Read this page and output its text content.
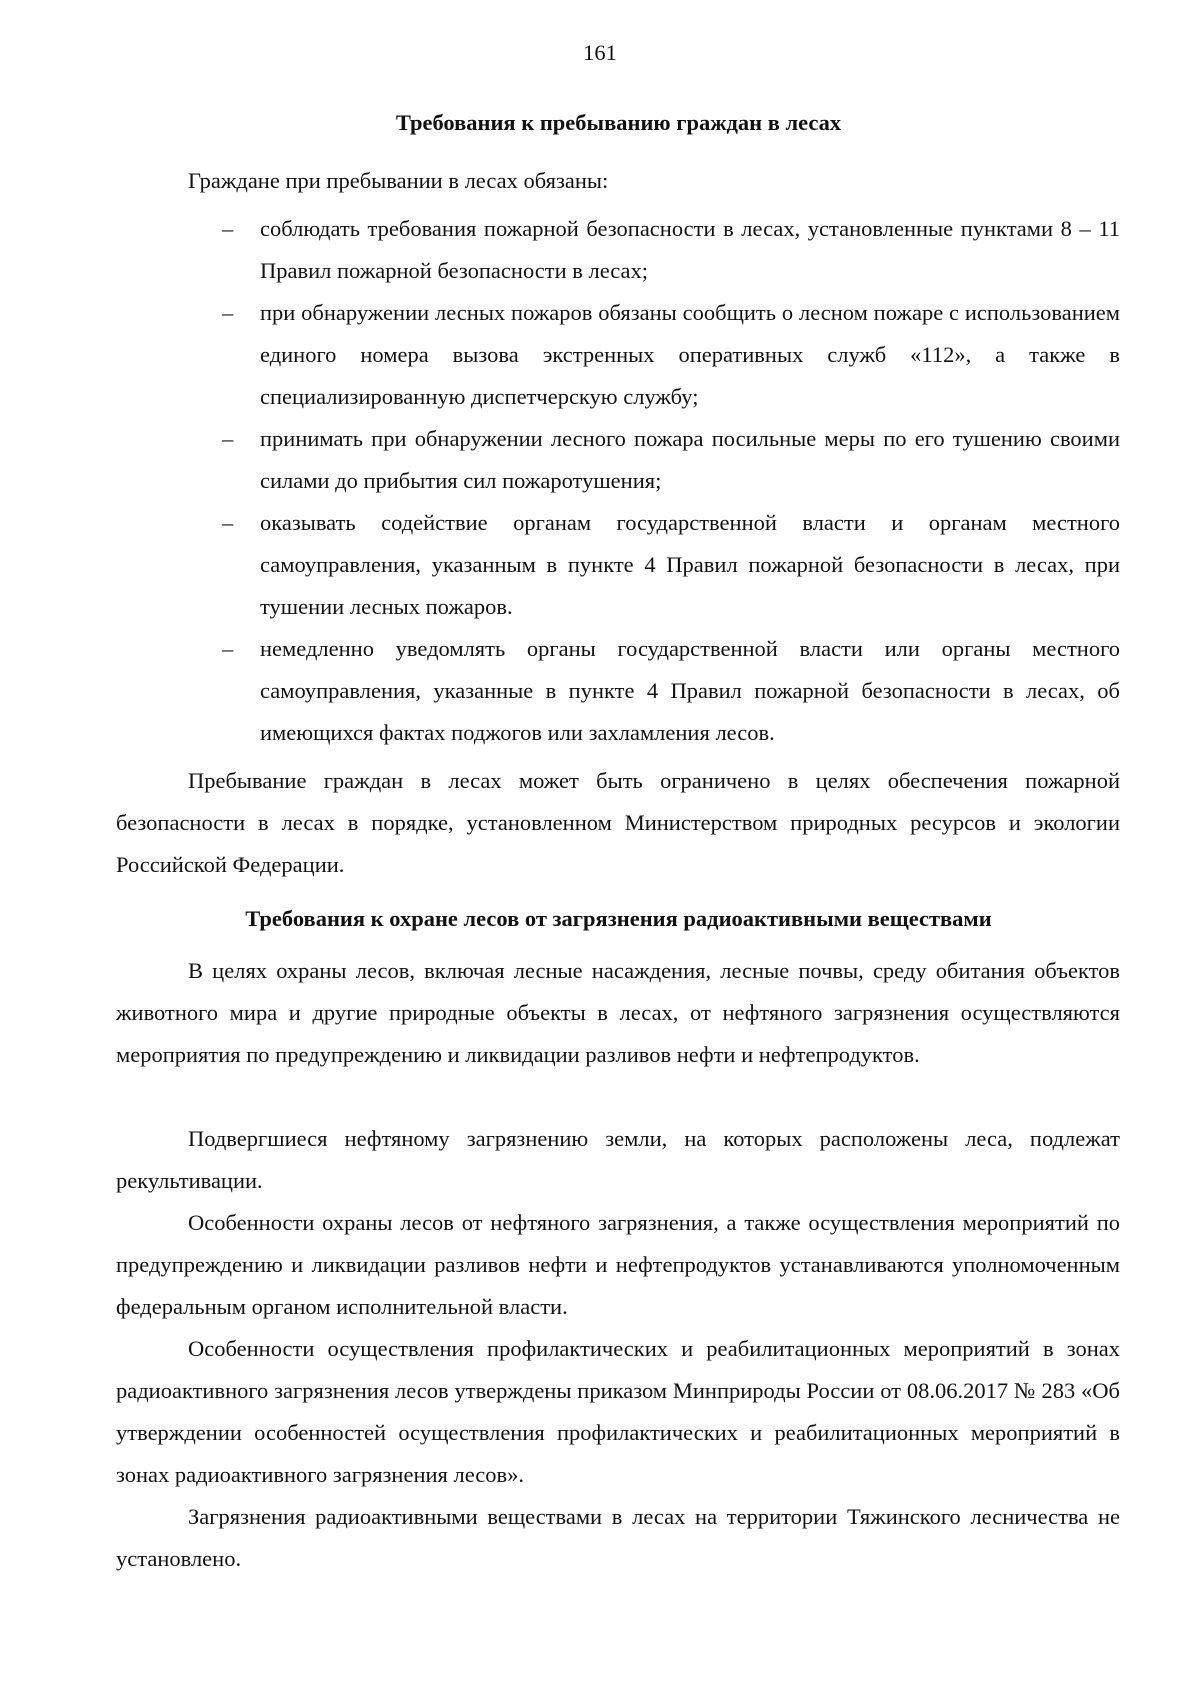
161
Требования к пребыванию граждан в лесах
Граждане при пребывании в лесах обязаны:
– соблюдать требования пожарной безопасности в лесах, установленные пунктами 8 – 11 Правил пожарной безопасности в лесах;
– при обнаружении лесных пожаров обязаны сообщить о лесном пожаре с использованием единого номера вызова экстренных оперативных служб «112», а также в специализированную диспетчерскую службу;
– принимать при обнаружении лесного пожара посильные меры по его тушению своими силами до прибытия сил пожаротушения;
– оказывать содействие органам государственной власти и органам местного самоуправления, указанным в пункте 4 Правил пожарной безопасности в лесах, при тушении лесных пожаров.
– немедленно уведомлять органы государственной власти или органы местного самоуправления, указанные в пункте 4 Правил пожарной безопасности в лесах, об имеющихся фактах поджогов или захламления лесов.

Пребывание граждан в лесах может быть ограничено в целях обеспечения пожарной безопасности в лесах в порядке, установленном Министерством природных ресурсов и экологии Российской Федерации.

Требования к охране лесов от загрязнения радиоактивными веществами

В целях охраны лесов, включая лесные насаждения, лесные почвы, среду обитания объектов животного мира и другие природные объекты в лесах, от нефтяного загрязнения осуществляются мероприятия по предупреждению и ликвидации разливов нефти и нефтепродуктов.

Подвергшиеся нефтяному загрязнению земли, на которых расположены леса, подлежат рекультивации.

Особенности охраны лесов от нефтяного загрязнения, а также осуществления мероприятий по предупреждению и ликвидации разливов нефти и нефтепродуктов устанавливаются уполномоченным федеральным органом исполнительной власти.

Особенности осуществления профилактических и реабилитационных мероприятий в зонах радиоактивного загрязнения лесов утверждены приказом Минприроды России от 08.06.2017 № 283 «Об утверждении особенностей осуществления профилактических и реабилитационных мероприятий в зонах радиоактивного загрязнения лесов».

Загрязнения радиоактивными веществами в лесах на территории Тяжинского лесничества не установлено.
